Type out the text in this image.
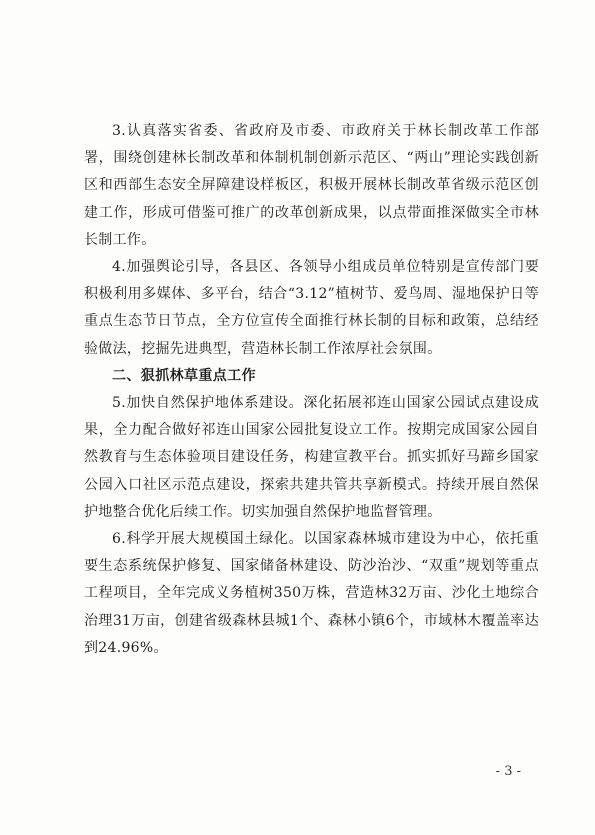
3.认真落实省委、省政府及市委、市政府关于林长制改革工作部署，围绕创建林长制改革和体制机制创新示范区、“两山”理论实践创新区和西部生态安全屏障建设样板区，积极开展林长制改革省级示范区创建工作，形成可借鉴可推广的改革创新成果，以点带面推深做实全市林长制工作。

4.加强舆论引导，各县区、各领导小组成员单位特别是宣传部门要积极利用多媒体、多平台，结合“3.12”植树节、爱鸟周、湿地保护日等重点生态节日节点，全方位宣传全面推行林长制的目标和政策，总结经验做法，挖掘先进典型，营造林长制工作浓厚社会氛围。

二、狠抓林草重点工作

5.加快自然保护地体系建设。深化拓展祁连山国家公园试点建设成果，全力配合做好祁连山国家公园批复设立工作。按期完成国家公园自然教育与生态体验项目建设任务，构建宣教平台。抓实抓好马蹄乡国家公园入口社区示范点建设，探索共建共管共享新模式。持续开展自然保护地整合优化后续工作。切实加强自然保护地监督管理。

6.科学开展大规模国土绿化。以国家森林城市建设为中心，依托重要生态系统保护修复、国家储备林建设、防沙治沙、“双重”规划等重点工程项目，全年完成义务植树350万株，营造林32万亩、沙化土地综合治理31万亩，创建省级森林县城1个、森林小镇6个，市域林木覆盖率达到24.96%。

- 3 -
